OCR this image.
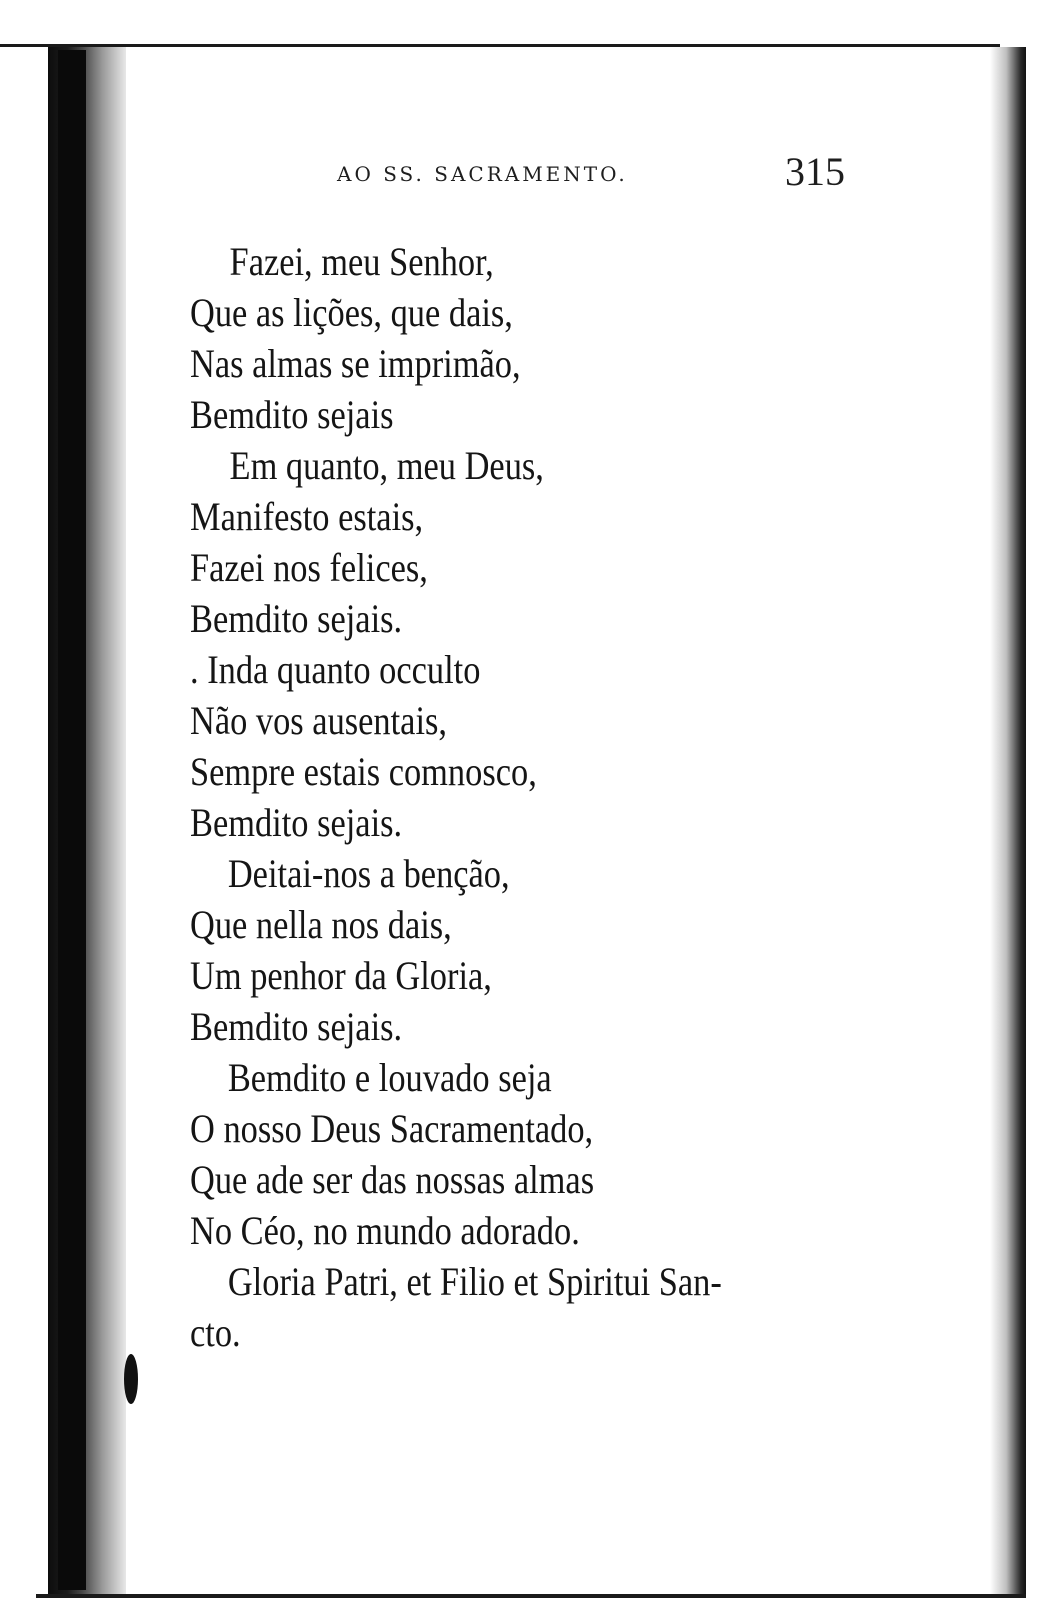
AO SS. SACRAMENTO.	315
Fazei, meu Senhor,
Que as lições, que dais,
Nas almas se imprimão,
Bemdito sejais
Em quanto, meu Deus,
Manifesto estais,
Fazei nos felices,
Bemdito sejais.
. Inda quanto occulto
Não vos ausentais,
Sempre estais comnosco,
Bemdito sejais.
Deitai-nos a benção,
Que nella nos dais,
Um penhor da Gloria,
Bemdito sejais.
Bemdito e louvado seja
O nosso Deus Sacramentado,
Que ade ser das nossas almas
No Céo, no mundo adorado.
Gloria Patri, et Filio et Spiritui San-
cto.
